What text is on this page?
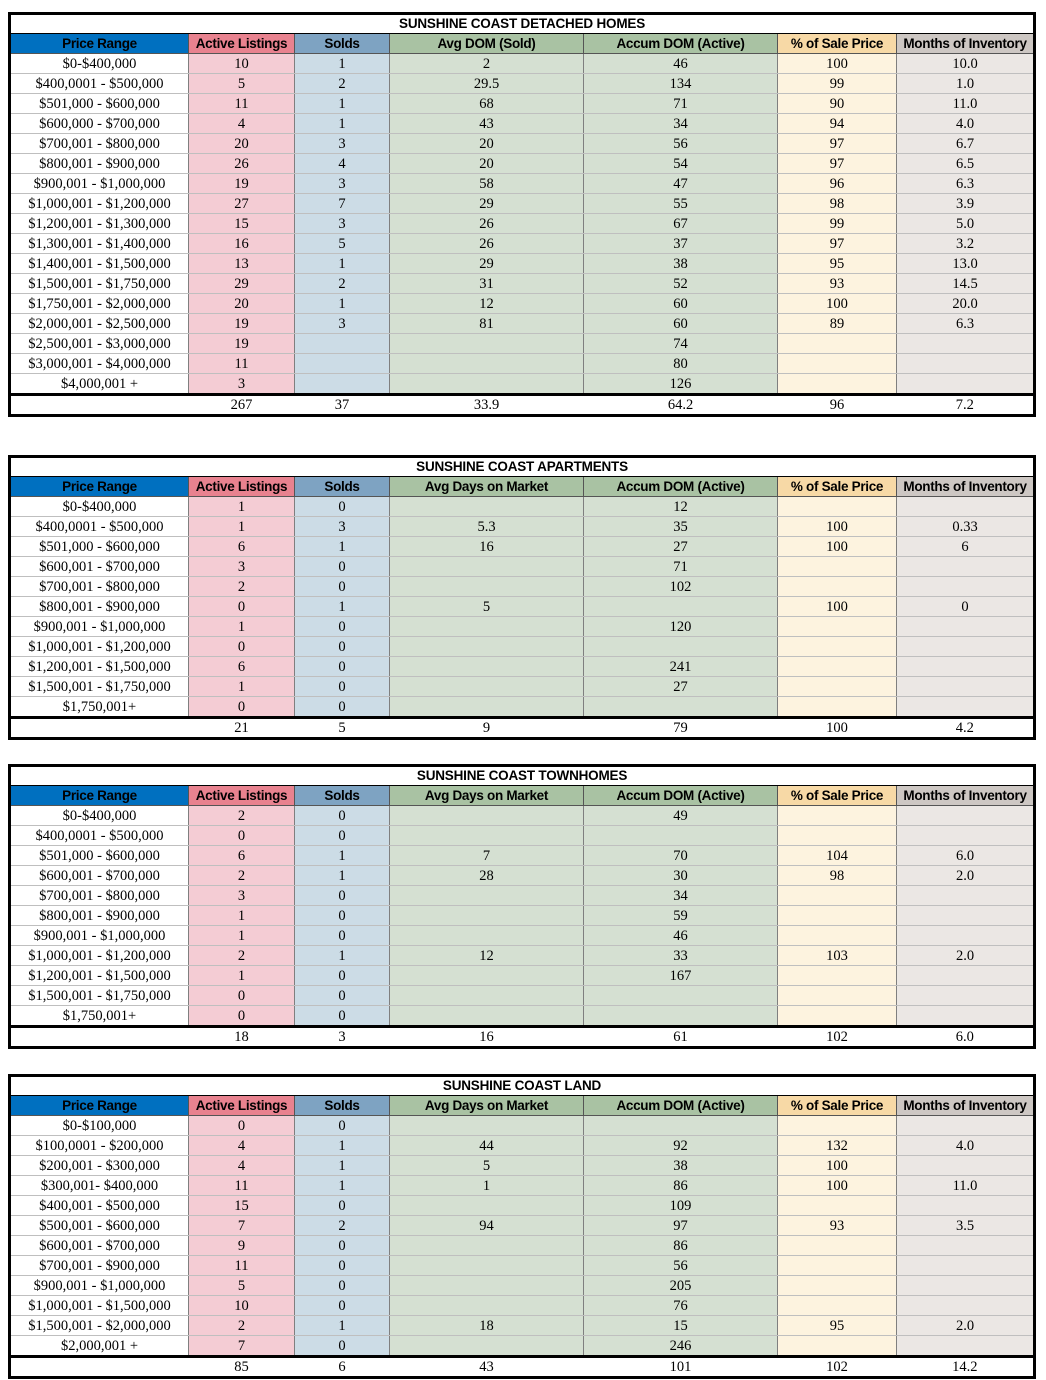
SUNSHINE COAST DETACHED HOMES						
Price Range	Active Listings	Solds	Avg DOM (Sold)	Accum DOM (Active)	% of Sale Price	Months of Inventory
$0-$400,000	10	1	2	46	100	10.0
$400,0001 - $500,000	5	2	29.5	134	99	1.0
$501,000 - $600,000	11	1	68	71	90	11.0
$600,000 - $700,000	4	1	43	34	94	4.0
$700,001 - $800,000	20	3	20	56	97	6.7
$800,001 - $900,000	26	4	20	54	97	6.5
$900,001 - $1,000,000	19	3	58	47	96	6.3
$1,000,001 - $1,200,000	27	7	29	55	98	3.9
$1,200,001 - $1,300,000	15	3	26	67	99	5.0
$1,300,001 - $1,400,000	16	5	26	37	97	3.2
$1,400,001 - $1,500,000	13	1	29	38	95	13.0
$1,500,001 - $1,750,000	29	2	31	52	93	14.5
$1,750,001 - $2,000,000	20	1	12	60	100	20.0
$2,000,001 - $2,500,000	19	3	81	60	89	6.3
$2,500,001 - $3,000,000	19			74		
$3,000,001 - $4,000,000	11			80		
$4,000,001 +	3			126		
	267	37	33.9	64.2	96	7.2
SUNSHINE COAST APARTMENTS						
Price Range	Active Listings	Solds	Avg Days on Market	Accum DOM (Active)	% of Sale Price	Months of Inventory
$0-$400,000	1	0		12		
$400,0001 - $500,000	1	3	5.3	35	100	0.33
$501,000 - $600,000	6	1	16	27	100	6
$600,001 - $700,000	3	0		71		
$700,001 - $800,000	2	0		102		
$800,001 - $900,000	0	1	5		100	0
$900,001 - $1,000,000	1	0		120		
$1,000,001 - $1,200,000	0	0				
$1,200,001 - $1,500,000	6	0		241		
$1,500,001 - $1,750,000	1	0		27		
$1,750,001+	0	0				
	21	5	9	79	100	4.2
SUNSHINE COAST TOWNHOMES						
Price Range	Active Listings	Solds	Avg Days on Market	Accum DOM (Active)	% of Sale Price	Months of Inventory
$0-$400,000	2	0		49		
$400,0001 - $500,000	0	0				
$501,000 - $600,000	6	1	7	70	104	6.0
$600,001 - $700,000	2	1	28	30	98	2.0
$700,001 - $800,000	3	0		34		
$800,001 - $900,000	1	0		59		
$900,001 - $1,000,000	1	0		46		
$1,000,001 - $1,200,000	2	1	12	33	103	2.0
$1,200,001 - $1,500,000	1	0		167		
$1,500,001 - $1,750,000	0	0				
$1,750,001+	0	0				
	18	3	16	61	102	6.0
SUNSHINE COAST LAND						
Price Range	Active Listings	Solds	Avg Days on Market	Accum DOM (Active)	% of Sale Price	Months of Inventory
$0-$100,000	0	0				
$100,0001 - $200,000	4	1	44	92	132	4.0
$200,001 - $300,000	4	1	5	38	100	
$300,001- $400,000	11	1	1	86	100	11.0
$400,001 - $500,000	15	0		109		
$500,001 - $600,000	7	2	94	97	93	3.5
$600,001 - $700,000	9	0		86		
$700,001 - $900,000	11	0		56		
$900,001 - $1,000,000	5	0		205		
$1,000,001 - $1,500,000	10	0		76		
$1,500,001 - $2,000,000	2	1	18	15	95	2.0
$2,000,001 +	7	0		246		
	85	6	43	101	102	14.2
